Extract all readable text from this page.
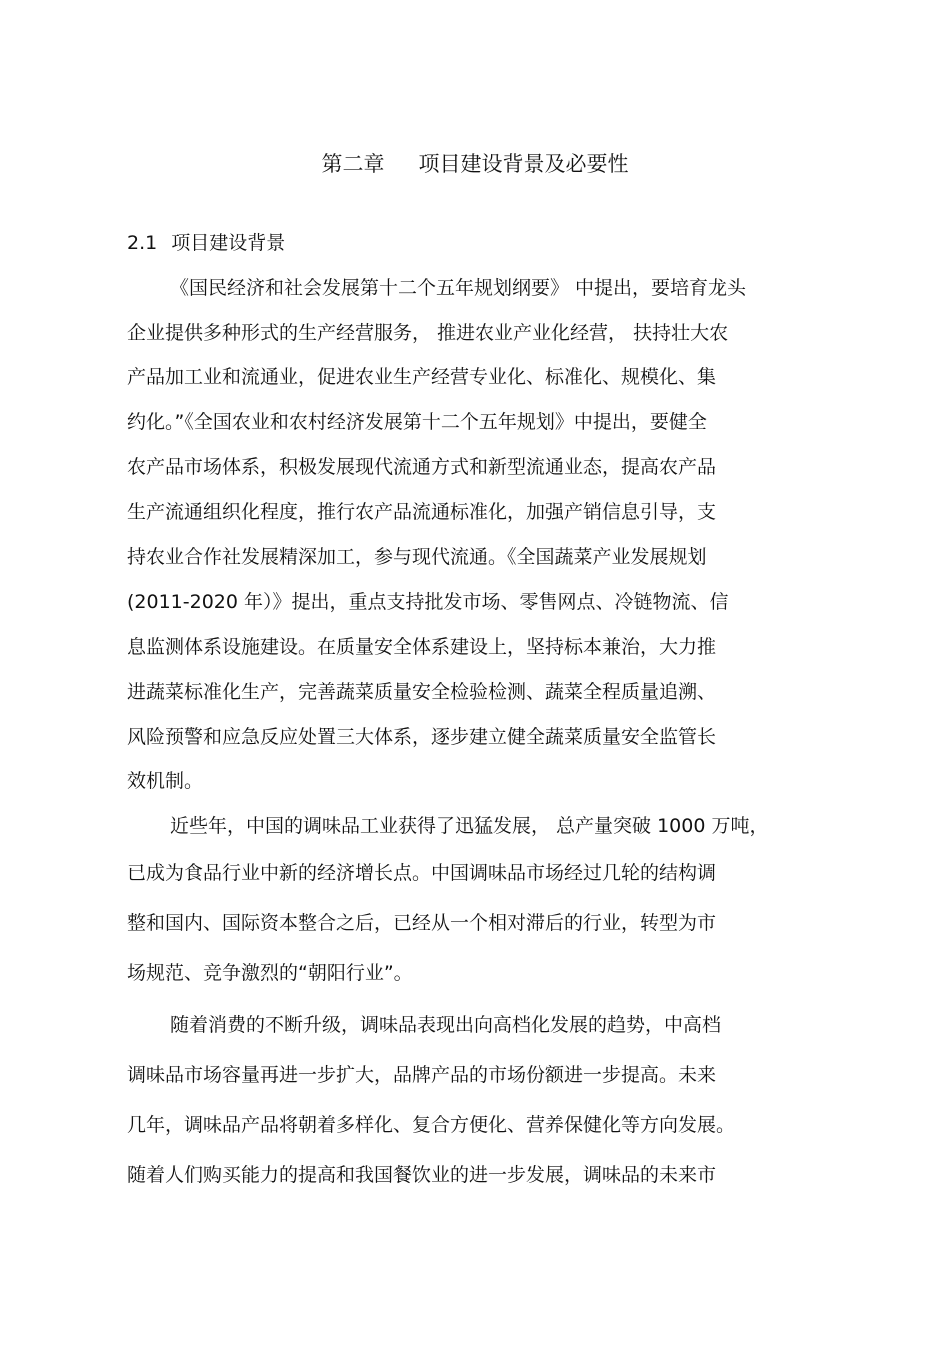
第二章 项目建设背景及必要性
2.1 项目建设背景
《国民经济和社会发展第十二个五年规划纲要》 中提出，要培育龙头
企业提供多种形式的生产经营服务， 推进农业产业化经营， 扶持壮大农
产品加工业和流通业，促进农业生产经营专业化、标准化、规模化、集
约化。”《全国农业和农村经济发展第十二个五年规划》中提出，要健全
农产品市场体系，积极发展现代流通方式和新型流通业态，提高农产品
生产流通组织化程度，推行农产品流通标准化，加强产销信息引导，支
持农业合作社发展精深加工，参与现代流通。《全国蔬菜产业发展规划
(2011-2020 年）》提出，重点支持批发市场、零售网点、冷链物流、信
息监测体系设施建设。在质量安全体系建设上，坚持标本兼治，大力推
进蔬菜标准化生产，完善蔬菜质量安全检验检测、蔬菜全程质量追溯、
风险预警和应急反应处置三大体系，逐步建立健全蔬菜质量安全监管长
效机制。
近些年，中国的调味品工业获得了迅猛发展， 总产量突破 1000 万吨，
已成为食品行业中新的经济增长点。中国调味品市场经过几轮的结构调
整和国内、国际资本整合之后，已经从一个相对滞后的行业，转型为市
场规范、竞争激烈的“朝阳行业”。
随着消费的不断升级，调味品表现出向高档化发展的趋势，中高档
调味品市场容量再进一步扩大，品牌产品的市场份额进一步提高。未来
几年，调味品产品将朝着多样化、复合方便化、营养保健化等方向发展。
随着人们购买能力的提高和我国餐饮业的进一步发展，调味品的未来市
